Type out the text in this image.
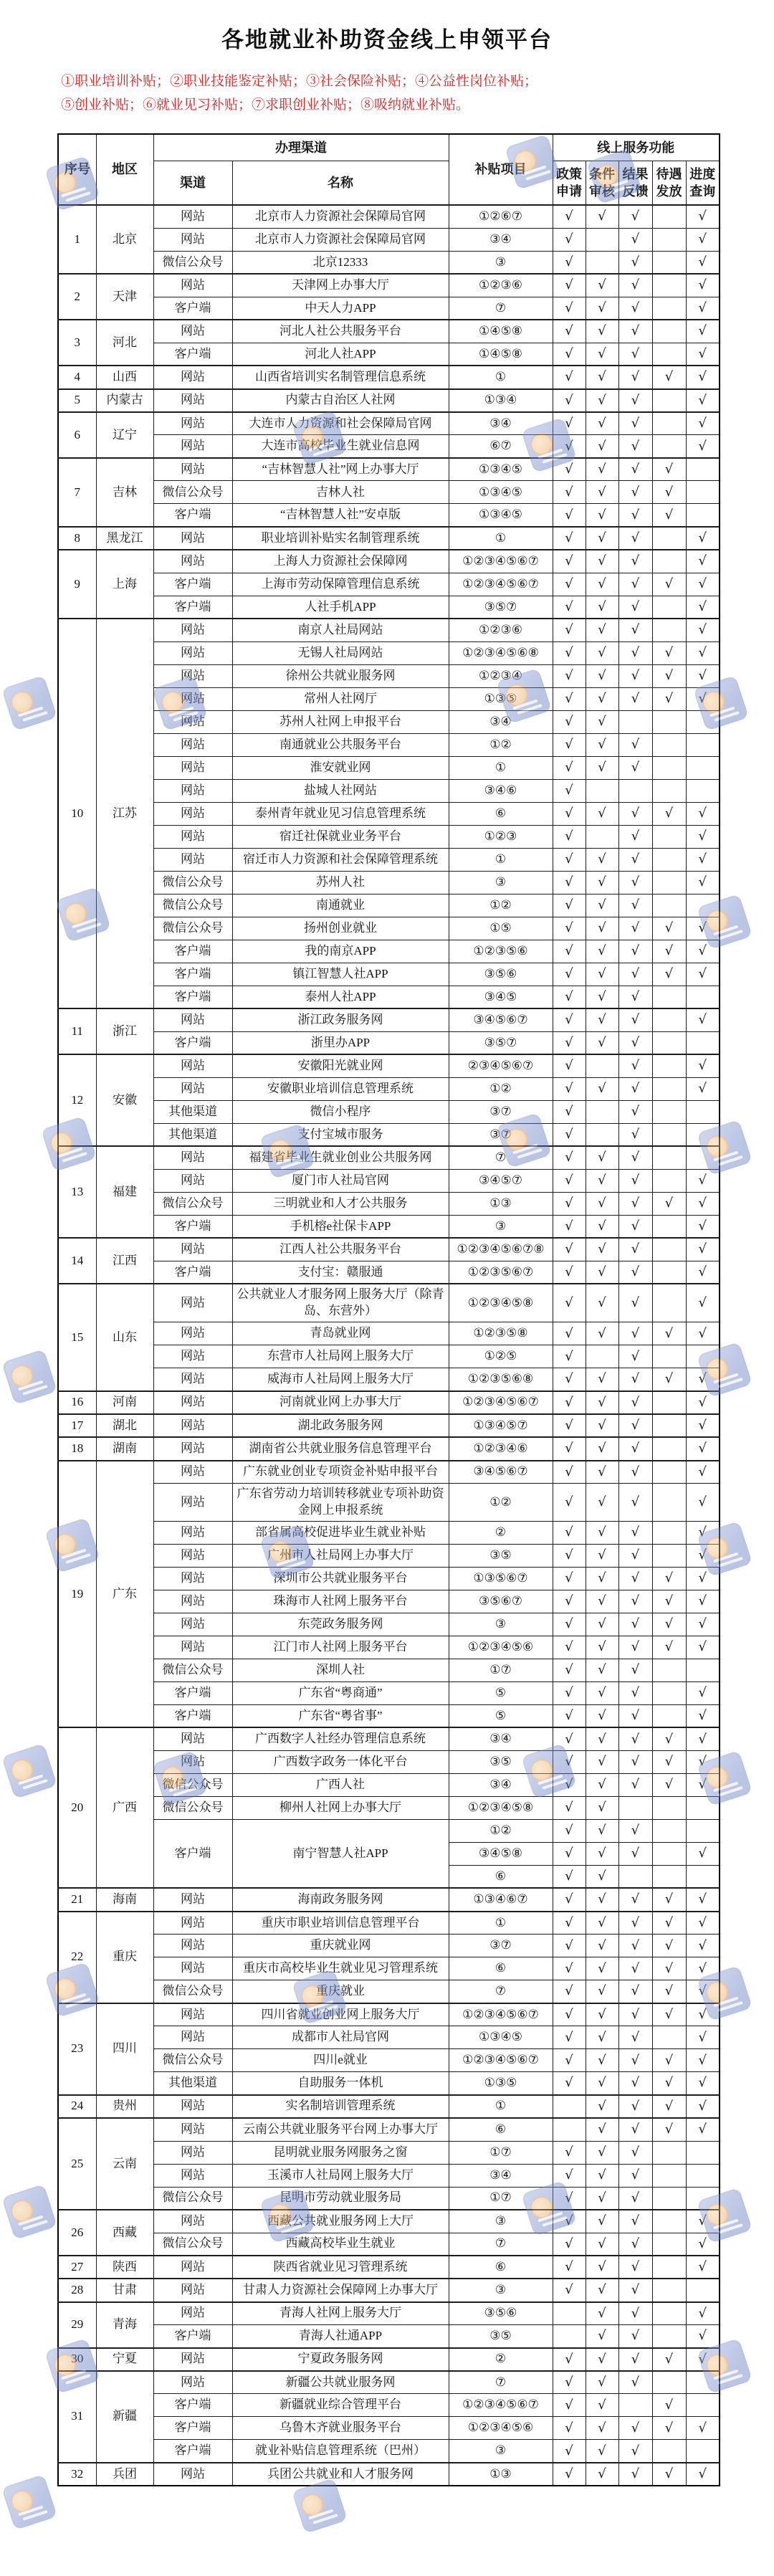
各地就业补助资金线上申领平台

①职业培训补贴；②职业技能鉴定补贴；③社会保险补贴；④公益性岗位补贴；

⑤创业补贴；⑥就业见习补贴；⑦求职创业补贴；⑧吸纳就业补贴。

序号	地区	办理渠道		补贴项目	线上服务功能				
		渠道	名称		政策申请	条件审核	结果反馈	待遇发放	进度查询
1	北京	网站	北京市人力资源社会保障局官网	①②⑥⑦	√	√	√		√
		网站	北京市人力资源社会保障局官网	③④	√		√		√
		微信公众号	北京12333	③	√		√		√
2	天津	网站	天津网上办事大厅	①②③⑥	√	√	√		√
		客户端	中天人力APP	⑦	√	√	√		√
3	河北	网站	河北人社公共服务平台	①④⑤⑧	√	√	√		√
		客户端	河北人社APP	①④⑤⑧	√	√	√		√
4	山西	网站	山西省培训实名制管理信息系统	①	√	√	√	√	√
5	内蒙古	网站	内蒙古自治区人社网	①③④	√	√	√		√
6	辽宁	网站	大连市人力资源和社会保障局官网	③④	√	√	√		√
		网站	大连市高校毕业生就业信息网	⑥⑦	√	√	√		√
7	吉林	网站	“吉林智慧人社”网上办事大厅	①③④⑤	√	√	√	√	
		微信公众号	吉林人社	①③④⑤	√	√	√	√	
		客户端	“吉林智慧人社”安卓版	①③④⑤	√	√	√	√	
8	黑龙江	网站	职业培训补贴实名制管理系统	①	√	√	√		√
9	上海	网站	上海人力资源社会保障网	①②③④⑤⑥⑦	√	√	√		√
		客户端	上海市劳动保障管理信息系统	①②③④⑤⑥⑦	√	√	√	√	√
		客户端	人社手机APP	③⑤⑦	√	√	√		√
10	江苏	网站	南京人社局网站	①②③⑥	√	√	√		√
		网站	无锡人社局网站	①②③④⑤⑥⑧	√	√	√	√	√
		网站	徐州公共就业服务网	①②③④	√	√	√	√	√
		网站	常州人社网厅	①③⑤	√	√	√	√	√
		网站	苏州人社网上申报平台	③④	√	√			
		网站	南通就业公共服务平台	①②	√	√	√		
		网站	淮安就业网	①	√	√	√		
		网站	盐城人社网站	③④⑥	√				
		网站	泰州青年就业见习信息管理系统	⑥	√	√	√	√	√
		网站	宿迁社保就业业务平台	①②③	√		√		√
		网站	宿迁市人力资源和社会保障管理系统	①	√	√	√		√
		微信公众号	苏州人社	③	√	√	√		√
		微信公众号	南通就业	①②	√	√	√		
		微信公众号	扬州创业就业	①⑤	√	√	√	√	√
		客户端	我的南京APP	①②③⑤⑥	√	√	√	√	√
		客户端	镇江智慧人社APP	③⑤⑥	√	√	√	√	√
		客户端	泰州人社APP	③④⑤	√	√	√		
11	浙江	网站	浙江政务服务网	③④⑤⑥⑦	√	√	√		√
		客户端	浙里办APP	③⑤⑦	√	√	√		
12	安徽	网站	安徽阳光就业网	②③④⑤⑥⑦	√		√		√
		网站	安徽职业培训信息管理系统	①②	√	√	√		√
		其他渠道	微信小程序	③⑦	√		√		
		其他渠道	支付宝城市服务	③⑦	√		√		
13	福建	网站	福建省毕业生就业创业公共服务网	⑦	√	√	√		
		网站	厦门市人社局官网	③④⑤⑦	√	√	√		√
		微信公众号	三明就业和人才公共服务	①③	√	√	√	√	√
		客户端	手机榕e社保卡APP	③	√	√	√		√
14	江西	网站	江西人社公共服务平台	①②③④⑤⑥⑦⑧	√	√	√		√
		客户端	支付宝：赣服通	①②③⑤⑥⑦	√	√	√		√
15	山东	网站	公共就业人才服务网上服务大厅（除青岛、东营外）	①②③④⑤⑧	√	√	√		√
		网站	青岛就业网	①②③⑤⑧	√	√	√	√	√
		网站	东营市人社局网上服务大厅	①②⑤	√		√		
		网站	威海市人社局网上服务大厅	①②③⑤⑥⑧	√	√	√	√	√
16	河南	网站	河南就业网上办事大厅	①②③④⑤⑥⑦	√	√	√		√
17	湖北	网站	湖北政务服务网	①③④⑤⑦	√	√	√		√
18	湖南	网站	湖南省公共就业服务信息管理平台	①②③④⑥	√	√	√		√
19	广东	网站	广东就业创业专项资金补贴申报平台	③④⑤⑥⑦	√	√	√		√
		网站	广东省劳动力培训转移就业专项补助资金网上申报系统	①②	√	√	√		√
		网站	部省属高校促进毕业生就业补贴	②	√	√	√		√
		网站	广州市人社局网上办事大厅	③⑤	√	√	√		√
		网站	深圳市公共就业服务平台	①③⑤⑥⑦	√	√	√	√	√
		网站	珠海市人社网上服务平台	③⑤⑥⑦	√	√	√	√	√
		网站	东莞政务服务网	③	√	√	√	√	√
		网站	江门市人社网上服务平台	①②③④⑤⑥	√	√	√	√	√
		微信公众号	深圳人社	①⑦	√	√	√		
		客户端	广东省“粤商通”	⑤	√	√	√		√
		客户端	广东省“粤省事”	⑤	√	√	√		√
20	广西	网站	广西数字人社经办管理信息系统	③④	√	√	√	√	√
		网站	广西数字政务一体化平台	③⑤	√	√	√	√	√
		微信公众号	广西人社	③④	√	√	√	√	√
		微信公众号	柳州人社网上办事大厅	①②③④⑤⑧	√	√			
		客户端	南宁智慧人社APP	①②	√	√	√		
				③④⑤⑧	√	√	√		√
				⑥	√	√			
21	海南	网站	海南政务服务网	①③④⑥⑦	√	√	√	√	√
22	重庆	网站	重庆市职业培训信息管理平台	①	√	√	√	√	√
		网站	重庆就业网	③⑦	√	√	√	√	√
		网站	重庆市高校毕业生就业见习管理系统	⑥	√	√	√	√	√
		微信公众号	重庆就业	⑦	√	√	√	√	√
23	四川	网站	四川省就业创业网上服务大厅	①②③④⑤⑥⑦	√	√	√	√	√
		网站	成都市人社局官网	①③④⑤	√	√	√		√
		微信公众号	四川e就业	①②③④⑤⑥⑦	√	√	√	√	√
		其他渠道	自助服务一体机	①③⑤	√	√	√	√	√
24	贵州	网站	实名制培训管理系统	①		√	√	√	√
25	云南	网站	云南公共就业服务平台网上办事大厅	⑥		√	√	√	√
		网站	昆明就业服务网服务之窗	①⑦	√	√	√		
		网站	玉溪市人社局网上服务大厅	③④	√	√	√		
		微信公众号	昆明市劳动就业服务局	①⑦	√	√	√		
26	西藏	网站	西藏公共就业服务网上大厅	③	√	√	√		√
		微信公众号	西藏高校毕业生就业	⑦	√	√	√		√
27	陕西	网站	陕西省就业见习管理系统	⑥	√	√	√		√
28	甘肃	网站	甘肃人力资源社会保障网上办事大厅	③	√	√	√		
29	青海	网站	青海人社网上服务大厅	③⑤⑥		√	√		√
		客户端	青海人社通APP	③⑤		√	√		√
30	宁夏	网站	宁夏政务服务网	②	√	√	√	√	√
31	新疆	网站	新疆公共就业服务网	⑦	√	√	√		
		客户端	新疆就业综合管理平台	①②③④⑤⑥⑦	√	√		√	
		客户端	乌鲁木齐就业服务平台	①②③④⑤⑥	√	√	√	√	√
		客户端	就业补贴信息管理系统（巴州）	③	√	√	√		
32	兵团	网站	兵团公共就业和人才服务网	①③	√	√	√	√	√
